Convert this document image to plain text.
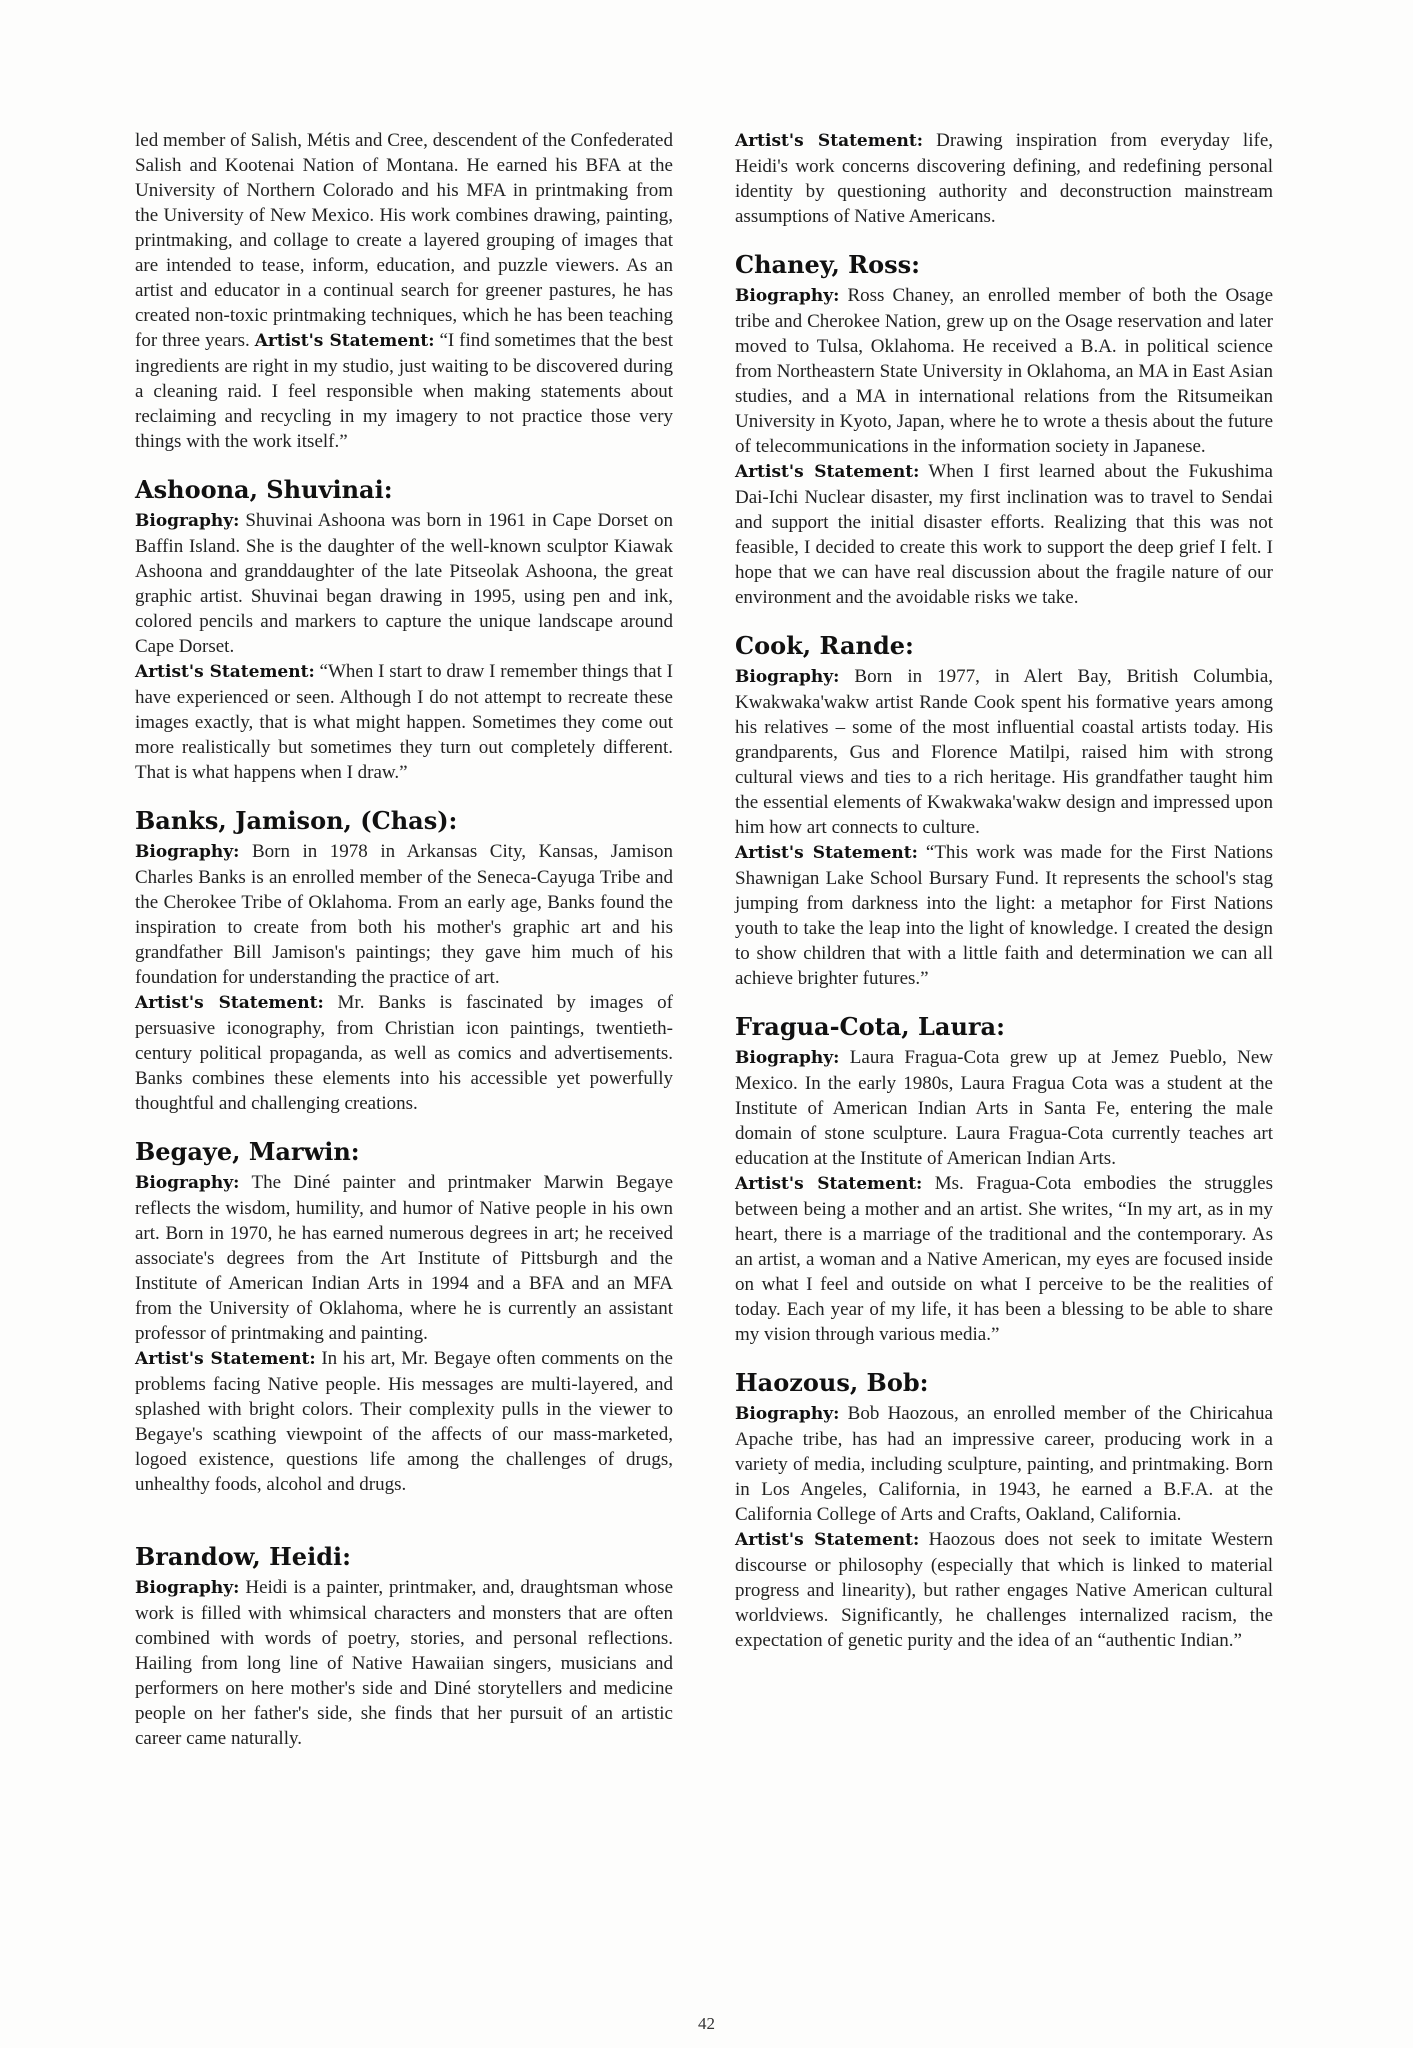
led member of Salish, Métis and Cree, descendent of the Confederated Salish and Kootenai Nation of Montana. He earned his BFA at the University of Northern Colorado and his MFA in printmaking from the University of New Mexico. His work combines drawing, painting, printmaking, and collage to create a layered grouping of images that are intended to tease, inform, education, and puzzle viewers. As an artist and educator in a continual search for greener pastures, he has created non-toxic printmaking techniques, which he has been teaching for three years. Artist's Statement: “I find sometimes that the best ingredients are right in my studio, just waiting to be discovered during a cleaning raid. I feel responsible when making statements about reclaiming and recycling in my imagery to not practice those very things with the work itself.”

Ashoona, Shuvinai:

Biography: Shuvinai Ashoona was born in 1961 in Cape Dorset on Baffin Island. She is the daughter of the well-known sculptor Kiawak Ashoona and granddaughter of the late Pitseolak Ashoona, the great graphic artist. Shuvinai began drawing in 1995, using pen and ink, colored pencils and markers to capture the unique landscape around Cape Dorset.

Artist's Statement: “When I start to draw I remember things that I have experienced or seen. Although I do not attempt to recreate these images exactly, that is what might happen. Sometimes they come out more realistically but sometimes they turn out completely different. That is what happens when I draw.”

Banks, Jamison, (Chas):

Biography: Born in 1978 in Arkansas City, Kansas, Jamison Charles Banks is an enrolled member of the Seneca-Cayuga Tribe and the Cherokee Tribe of Oklahoma. From an early age, Banks found the inspiration to create from both his mother's graphic art and his grandfather Bill Jamison's paintings; they gave him much of his foundation for understanding the practice of art.

Artist's Statement: Mr. Banks is fascinated by images of persuasive iconography, from Christian icon paintings, twentieth-century political propaganda, as well as comics and advertisements. Banks combines these elements into his accessible yet powerfully thoughtful and challenging creations.

Begaye, Marwin:

Biography: The Diné painter and printmaker Marwin Begaye reflects the wisdom, humility, and humor of Native people in his own art. Born in 1970, he has earned numerous degrees in art; he received associate's degrees from the Art Institute of Pittsburgh and the Institute of American Indian Arts in 1994 and a BFA and an MFA from the University of Oklahoma, where he is currently an assistant professor of printmaking and painting.

Artist's Statement: In his art, Mr. Begaye often comments on the problems facing Native people. His messages are multi-layered, and splashed with bright colors. Their complexity pulls in the viewer to Begaye's scathing viewpoint of the affects of our mass-marketed, logoed existence, questions life among the challenges of drugs, unhealthy foods, alcohol and drugs.

Brandow, Heidi:

Biography: Heidi is a painter, printmaker, and, draughtsman whose work is filled with whimsical characters and monsters that are often combined with words of poetry, stories, and personal reflections. Hailing from long line of Native Hawaiian singers, musicians and performers on here mother's side and Diné storytellers and medicine people on her father's side, she finds that her pursuit of an artistic career came naturally.

Artist's Statement: Drawing inspiration from everyday life, Heidi's work concerns discovering defining, and redefining personal identity by questioning authority and deconstruction mainstream assumptions of Native Americans.

Chaney, Ross:

Biography: Ross Chaney, an enrolled member of both the Osage tribe and Cherokee Nation, grew up on the Osage reservation and later moved to Tulsa, Oklahoma. He received a B.A. in political science from Northeastern State University in Oklahoma, an MA in East Asian studies, and a MA in international relations from the Ritsumeikan University in Kyoto, Japan, where he to wrote a thesis about the future of telecommunications in the information society in Japanese.

Artist's Statement: When I first learned about the Fukushima Dai-Ichi Nuclear disaster, my first inclination was to travel to Sendai and support the initial disaster efforts. Realizing that this was not feasible, I decided to create this work to support the deep grief I felt. I hope that we can have real discussion about the fragile nature of our environment and the avoidable risks we take.

Cook, Rande:

Biography: Born in 1977, in Alert Bay, British Columbia, Kwakwaka'wakw artist Rande Cook spent his formative years among his relatives – some of the most influential coastal artists today. His grandparents, Gus and Florence Matilpi, raised him with strong cultural views and ties to a rich heritage. His grandfather taught him the essential elements of Kwakwaka'wakw design and impressed upon him how art connects to culture.

Artist's Statement: “This work was made for the First Nations Shawnigan Lake School Bursary Fund. It represents the school's stag jumping from darkness into the light: a metaphor for First Nations youth to take the leap into the light of knowledge. I created the design to show children that with a little faith and determination we can all achieve brighter futures.”

Fragua-Cota, Laura:

Biography: Laura Fragua-Cota grew up at Jemez Pueblo, New Mexico. In the early 1980s, Laura Fragua Cota was a student at the Institute of American Indian Arts in Santa Fe, entering the male domain of stone sculpture. Laura Fragua-Cota currently teaches art education at the Institute of American Indian Arts.

Artist's Statement: Ms. Fragua-Cota embodies the struggles between being a mother and an artist. She writes, “In my art, as in my heart, there is a marriage of the traditional and the contemporary. As an artist, a woman and a Native American, my eyes are focused inside on what I feel and outside on what I perceive to be the realities of today. Each year of my life, it has been a blessing to be able to share my vision through various media.”

Haozous, Bob:

Biography: Bob Haozous, an enrolled member of the Chiricahua Apache tribe, has had an impressive career, producing work in a variety of media, including sculpture, painting, and printmaking. Born in Los Angeles, California, in 1943, he earned a B.F.A. at the California College of Arts and Crafts, Oakland, California.

Artist's Statement: Haozous does not seek to imitate Western discourse or philosophy (especially that which is linked to material progress and linearity), but rather engages Native American cultural worldviews. Significantly, he challenges internalized racism, the expectation of genetic purity and the idea of an “authentic Indian.”

42
